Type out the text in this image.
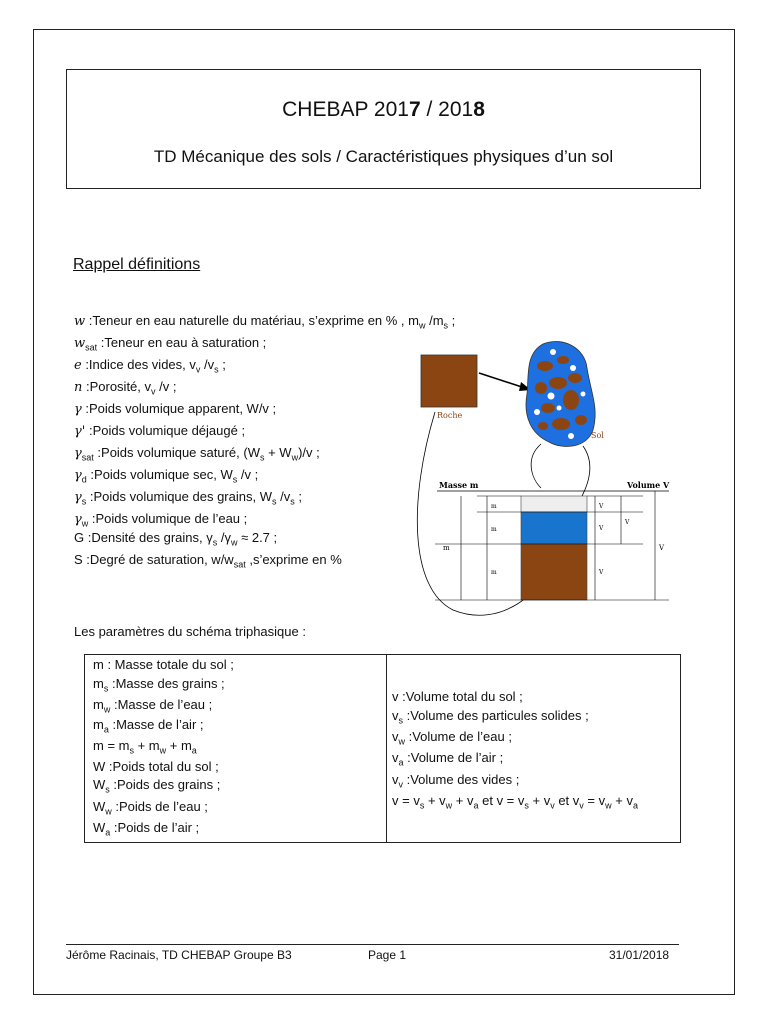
CHEBAP 2017 / 2018
TD Mécanique des sols / Caractéristiques physiques d’un sol
Rappel définitions
w :Teneur en eau naturelle du matériau, s’exprime en % , $m_w$ $/m_s$ ;
$w_{sat}$ :Teneur en eau à saturation ;
e :Indice des vides, $v_v$ $/v_s$ ;
n :Porosité, $v_v$ /v ;
γ :Poids volumique apparent, W/v ;
γ' :Poids volumique déjaugé ;
$\gamma_{sat}$ :Poids volumique saturé, $(W_s + W_w)/v$ ;
$\gamma_d$ :Poids volumique sec, $W_s$ /v ;
$\gamma_s$ :Poids volumique des grains, $W_s$ $/v_s$ ;
$\gamma_w$ :Poids volumique de l’eau ;
G :Densité des grains, $\gamma_s$ $/\gamma_w \approx 2.7$ ;
S :Degré de saturation, $w/w_{sat}$ ,s’exprime en %
Roche
Sol
Masse m	Volume V
m
m
m
m
V
V
V
V
V
Les paramètres du schéma triphasique :
m : Masse totale du sol ;
$m_s$ :Masse des grains ;
$m_w$ :Masse de l’eau ;
$m_a$ :Masse de l’air ;
$m = m_s + m_w + m_a$
W :Poids total du sol ;
$W_s$ :Poids des grains ;
$W_w$ :Poids de l’eau ;
$W_a$ :Poids de l’air ;
v :Volume total du sol ;
$v_s$ :Volume des particules solides ;
$v_w$ :Volume de l’eau ;
$v_a$ :Volume de l’air ;
$v_v$ :Volume des vides ;
$v = v_s + v_w + v_a$ et $v = v_s + v_v$ et $v_v = v_w + v_a$
Jérôme Racinais, TD CHEBAP Groupe B3	Page 1	31/01/2018
